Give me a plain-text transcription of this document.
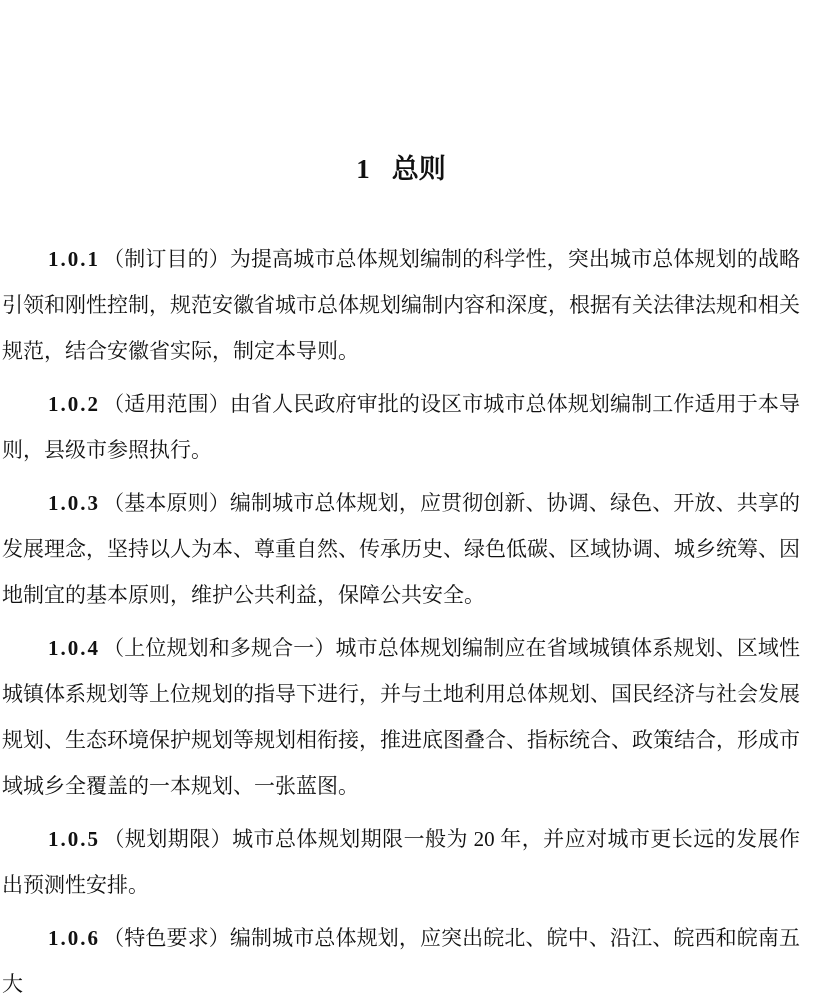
1 总则

1.0.1 （制订目的）为提高城市总体规划编制的科学性，突出城市总体规划的战略引领和刚性控制，规范安徽省城市总体规划编制内容和深度，根据有关法律法规和相关规范，结合安徽省实际，制定本导则。

1.0.2 （适用范围）由省人民政府审批的设区市城市总体规划编制工作适用于本导则，县级市参照执行。

1.0.3 （基本原则）编制城市总体规划，应贯彻创新、协调、绿色、开放、共享的发展理念，坚持以人为本、尊重自然、传承历史、绿色低碳、区域协调、城乡统筹、因地制宜的基本原则，维护公共利益，保障公共安全。

1.0.4 （上位规划和多规合一）城市总体规划编制应在省域城镇体系规划、区域性城镇体系规划等上位规划的指导下进行，并与土地利用总体规划、国民经济与社会发展规划、生态环境保护规划等规划相衔接，推进底图叠合、指标统合、政策结合，形成市域城乡全覆盖的一本规划、一张蓝图。

1.0.5 （规划期限）城市总体规划期限一般为 20 年，并应对城市更长远的发展作出预测性安排。

1.0.6 （特色要求）编制城市总体规划，应突出皖北、皖中、沿江、皖西和皖南五大
